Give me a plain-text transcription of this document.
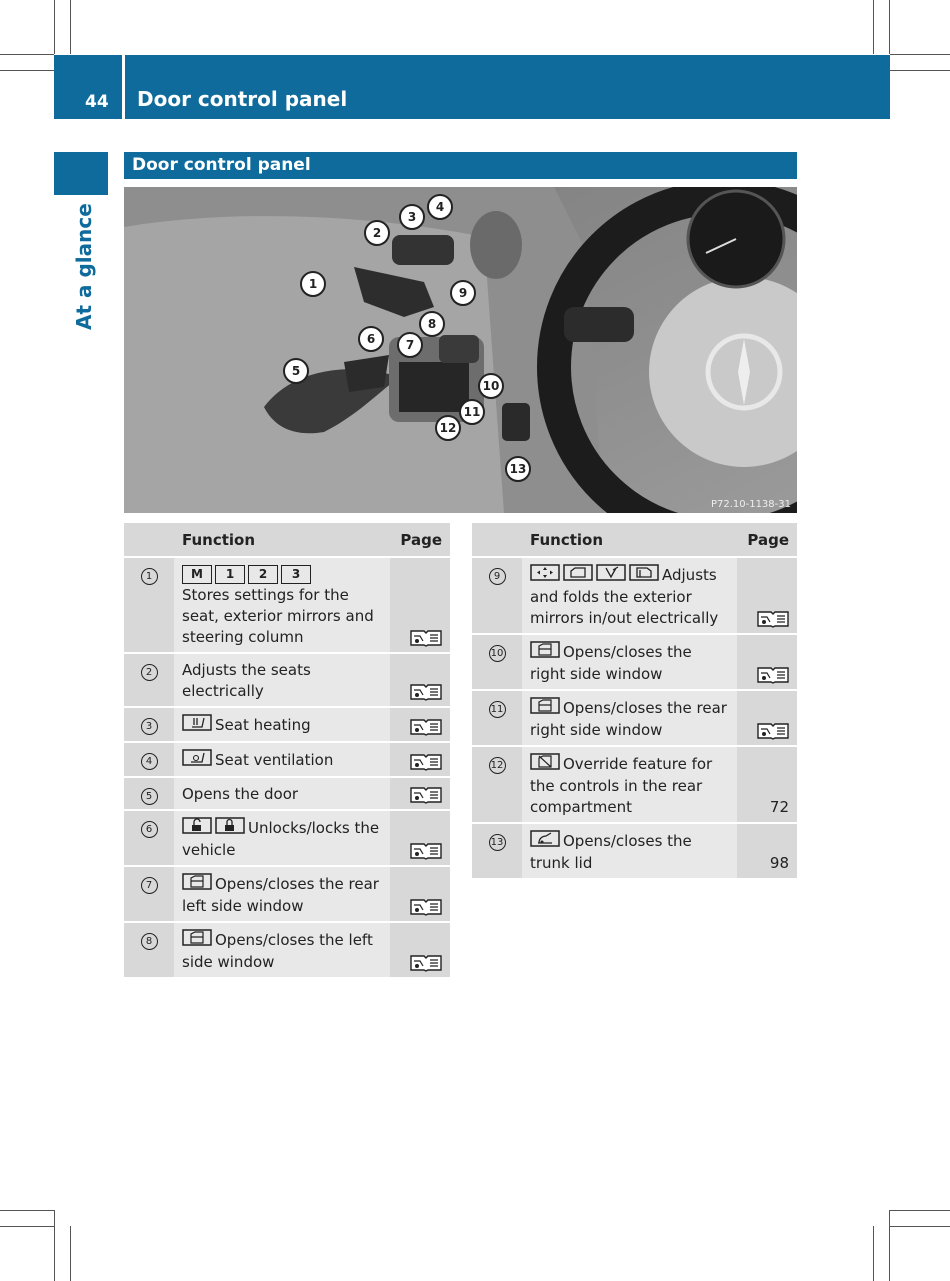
44 Door control panel
At a glance
Door control panel
P72.10-1138-31
1
2
3
4
5
6	7
8
9
10
11
12
13
	Function	Page
1	M 1 2 3
Stores settings for the seat, exterior mirrors and steering column	
2	Adjusts the seats electrically	
3	Seat heating	
4	Seat ventilation	
5	Opens the door	
6	Unlocks/locks the vehicle	
7	Opens/closes the rear left side window	
8	Opens/closes the left side window	
	Function	Page
9	Adjusts and folds the exterior mirrors in/out electrically	
10	Opens/closes the right side window	
11	Opens/closes the rear right side window	
12	Override feature for the controls in the rear compartment	72
13	Opens/closes the trunk lid	98
